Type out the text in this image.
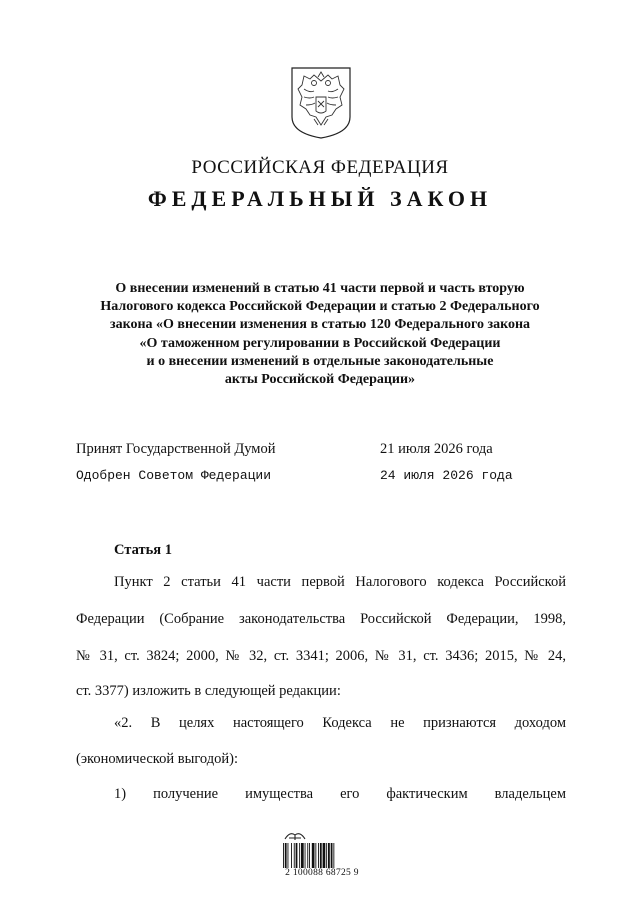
РОССИЙСКАЯ ФЕДЕРАЦИЯ
ФЕДЕРАЛЬНЫЙ ЗАКОН
О внесении изменений в статью 41 части первой и часть вторую
Налогового кодекса Российской Федерации и статью 2 Федерального
закона «О внесении изменения в статью 120 Федерального закона
«О таможенном регулировании в Российской Федерации
и о внесении изменений в отдельные законодательные
акты Российской Федерации»
Принят Государственной Думой	21 июля 2026 года
Одобрен Советом Федерации	24 июля 2026 года
Статья 1
Пункт 2 статьи 41 части первой Налогового кодекса Российской
Федерации (Собрание законодательства Российской Федерации, 1998,
№ 31, ст. 3824; 2000, № 32, ст. 3341; 2006, № 31, ст. 3436; 2015, № 24,
ст. 3377) изложить в следующей редакции:
«2. В целях настоящего Кодекса не признаются доходом
(экономической выгодой):
1) получение имущества его фактическим владельцем
2 100088 68725 9
